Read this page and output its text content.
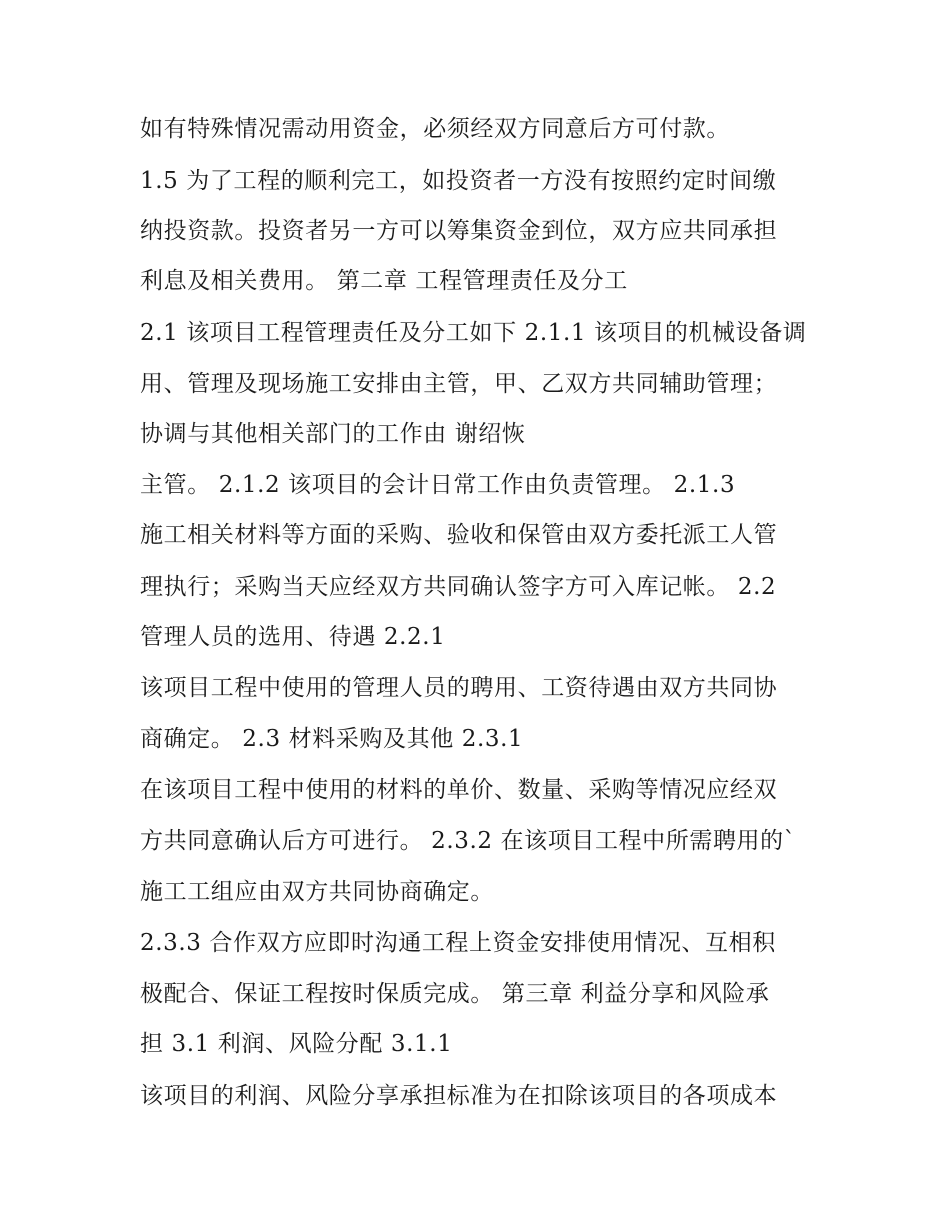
如有特殊情况需动用资金，必须经双方同意后方可付款。
1.5 为了工程的顺利完工，如投资者一方没有按照约定时间缴
纳投资款。投资者另一方可以筹集资金到位，双方应共同承担
利息及相关费用。 第二章 工程管理责任及分工
2.1 该项目工程管理责任及分工如下 2.1.1 该项目的机械设备调
用、管理及现场施工安排由主管，甲、乙双方共同辅助管理；
协调与其他相关部门的工作由 谢绍恢
主管。 2.1.2 该项目的会计日常工作由负责管理。 2.1.3
施工相关材料等方面的采购、验收和保管由双方委托派工人管
理执行；采购当天应经双方共同确认签字方可入库记帐。 2.2
管理人员的选用、待遇 2.2.1
该项目工程中使用的管理人员的聘用、工资待遇由双方共同协
商确定。 2.3 材料采购及其他 2.3.1
在该项目工程中使用的材料的单价、数量、采购等情况应经双
方共同意确认后方可进行。 2.3.2 在该项目工程中所需聘用的`
施工工组应由双方共同协商确定。
2.3.3 合作双方应即时沟通工程上资金安排使用情况、互相积
极配合、保证工程按时保质完成。 第三章 利益分享和风险承
担 3.1 利润、风险分配 3.1.1
该项目的利润、风险分享承担标准为在扣除该项目的各项成本
